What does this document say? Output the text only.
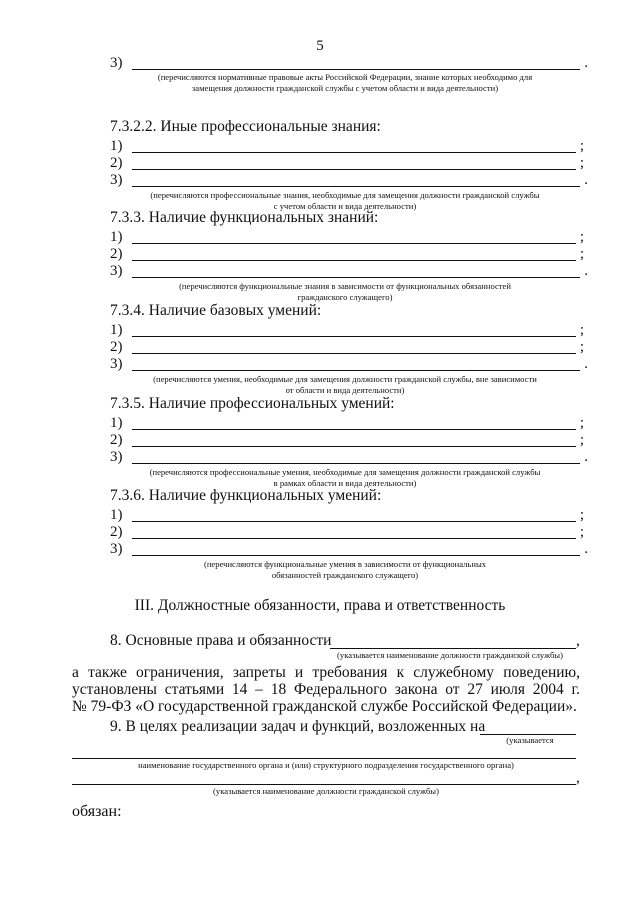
5
3)	.
(перечисляются нормативные правовые акты Российской Федерации, знание которых необходимо для
замещения должности гражданской службы с учетом области и вида деятельности)
7.3.2.2. Иные профессиональные знания:
1)	;
2)	;
3)	.
(перечисляются профессиональные знания, необходимые для замещения должности гражданской службы
с учетом области и вида деятельности)
7.3.3. Наличие функциональных знаний:
1)	;
2)	;
3)	.
(перечисляются функциональные знания в зависимости от функциональных обязанностей
гражданского служащего)
7.3.4. Наличие базовых умений:
1)	;
2)	;
3)	.
(перечисляются умения, необходимые для замещения должности гражданской службы, вне зависимости
от области и вида деятельности)
7.3.5. Наличие профессиональных умений:
1)	;
2)	;
3)	.
(перечисляются профессиональные умения, необходимые для замещения должности гражданской службы
в рамках области и вида деятельности)
7.3.6. Наличие функциональных умений:
1)	;
2)	;
3)	.
(перечисляются функциональные умения в зависимости от функциональных
обязанностей гражданского служащего)
III. Должностные обязанности, права и ответственность
8. Основные права и обязанности	,
(указывается наименование должности гражданской службы)
а также ограничения, запреты и требования к служебному поведению,
установлены статьями 14 – 18 Федерального закона от 27 июля 2004 г.
№ 79-ФЗ «О государственной гражданской службе Российской Федерации».
9. В целях реализации задач и функций, возложенных на
(указывается
наименование государственного органа и (или) структурного подразделения государственного органа)
,
(указывается наименование должности гражданской службы)
обязан:
